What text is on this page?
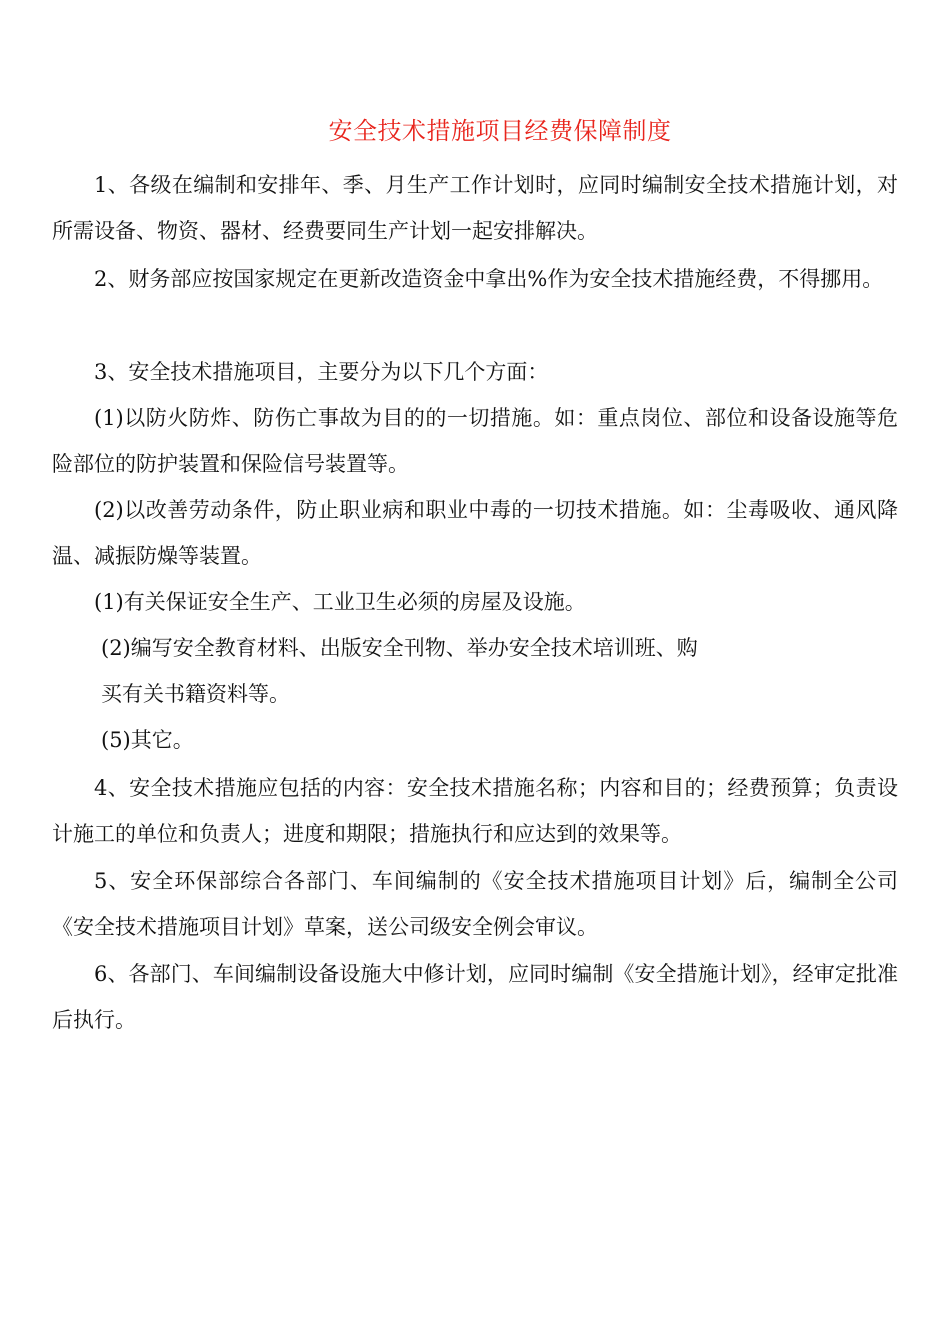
安全技术措施项目经费保障制度

1、各级在编制和安排年、季、月生产工作计划时，应同时编制安全技术措施计划，对所需设备、物资、器材、经费要同生产计划一起安排解决。

2、财务部应按国家规定在更新改造资金中拿出%作为安全技术措施经费，不得挪用。

3、安全技术措施项目，主要分为以下几个方面：

(1)以防火防炸、防伤亡事故为目的的一切措施。如：重点岗位、部位和设备设施等危险部位的防护装置和保险信号装置等。

(2)以改善劳动条件，防止职业病和职业中毒的一切技术措施。如：尘毒吸收、通风降温、减振防燥等装置。

(1)有关保证安全生产、工业卫生必须的房屋及设施。

(2)编写安全教育材料、出版安全刊物、举办安全技术培训班、购

买有关书籍资料等。

(5)其它。

4、安全技术措施应包括的内容：安全技术措施名称；内容和目的；经费预算；负责设计施工的单位和负责人；进度和期限；措施执行和应达到的效果等。

5、安全环保部综合各部门、车间编制的《安全技术措施项目计划》后，编制全公司《安全技术措施项目计划》草案，送公司级安全例会审议。

6、各部门、车间编制设备设施大中修计划，应同时编制《安全措施计划》，经审定批准后执行。
